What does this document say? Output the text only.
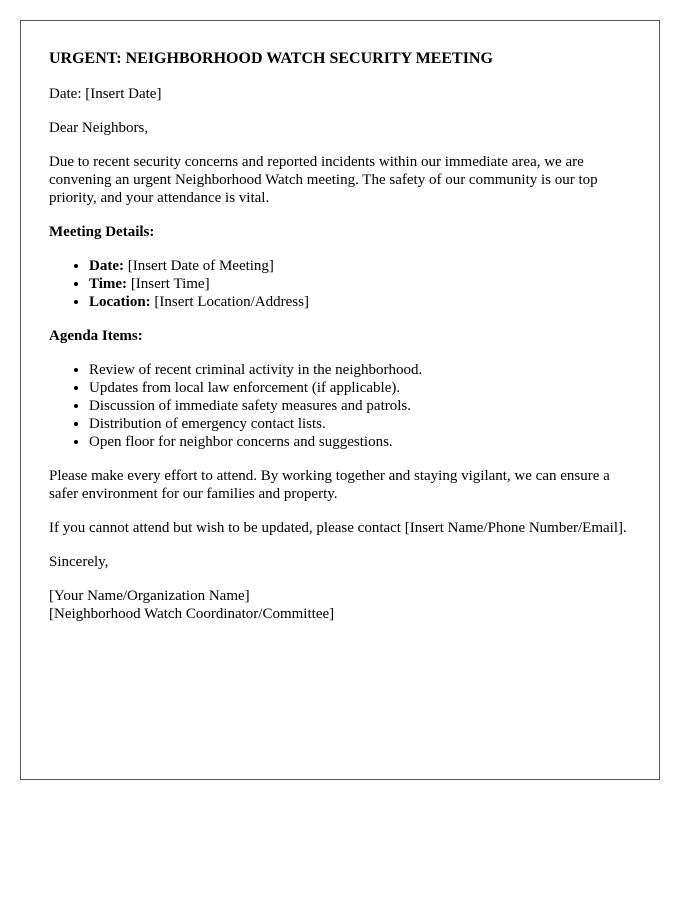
URGENT: NEIGHBORHOOD WATCH SECURITY MEETING

Date: [Insert Date]

Dear Neighbors,

Due to recent security concerns and reported incidents within our immediate area, we are convening an urgent Neighborhood Watch meeting. The safety of our community is our top priority, and your attendance is vital.

Meeting Details:
• Date: [Insert Date of Meeting]
• Time: [Insert Time]
• Location: [Insert Location/Address]
Agenda Items:
• Review of recent criminal activity in the neighborhood.
• Updates from local law enforcement (if applicable).
• Discussion of immediate safety measures and patrols.
• Distribution of emergency contact lists.
• Open floor for neighbor concerns and suggestions.

Please make every effort to attend. By working together and staying vigilant, we can ensure a safer environment for our families and property.

If you cannot attend but wish to be updated, please contact [Insert Name/Phone Number/Email].

Sincerely,

[Your Name/Organization Name]
[Neighborhood Watch Coordinator/Committee]
